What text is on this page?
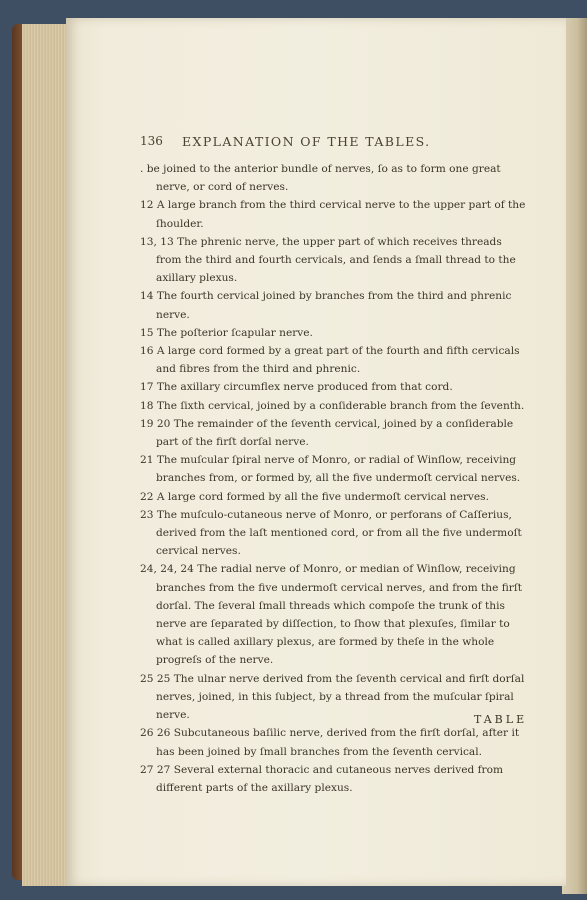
136 EXPLANATION OF THE TABLES.

. be joined to the anterior bundle of nerves, ſo as to form one great nerve, or cord of nerves.

12 A large branch from the third cervical nerve to the upper part of the ſhoulder.

13, 13 The phrenic nerve, the upper part of which receives threads from the third and fourth cervicals, and ſends a ſmall thread to the axillary plexus.

14 The fourth cervical joined by branches from the third and phrenic nerve.

15 The poſterior ſcapular nerve.

16 A large cord formed by a great part of the fourth and fifth cervicals and fibres from the third and phrenic.

17 The axillary circumflex nerve produced from that cord.

18 The ſixth cervical, joined by a conſiderable branch from the ſeventh.

19 20 The remainder of the ſeventh cervical, joined by a conſiderable part of the firſt dorſal nerve.

21 The muſcular ſpiral nerve of Monro, or radial of Winſlow, receiving branches from, or formed by, all the five undermoſt cervical nerves.

22 A large cord formed by all the five undermoſt cervical nerves.

23 The muſculo-cutaneous nerve of Monro, or perforans of Caſſerius, derived from the laſt mentioned cord, or from all the five undermoſt cervical nerves.

24, 24, 24 The radial nerve of Monro, or median of Winſlow, receiving branches from the five undermoſt cervical nerves, and from the firſt dorſal. The ſeveral ſmall threads which compoſe the trunk of this nerve are ſeparated by diſſection, to ſhow that plexuſes, ſimilar to what is called axillary plexus, are formed by theſe in the whole progreſs of the nerve.

25 25 The ulnar nerve derived from the ſeventh cervical and firſt dorſal nerves, joined, in this ſubject, by a thread from the muſcular ſpiral nerve.

26 26 Subcutaneous baſilic nerve, derived from the firſt dorſal, after it has been joined by ſmall branches from the ſeventh cervical.

27 27 Several external thoracic and cutaneous nerves derived from different parts of the axillary plexus.

TABLE
